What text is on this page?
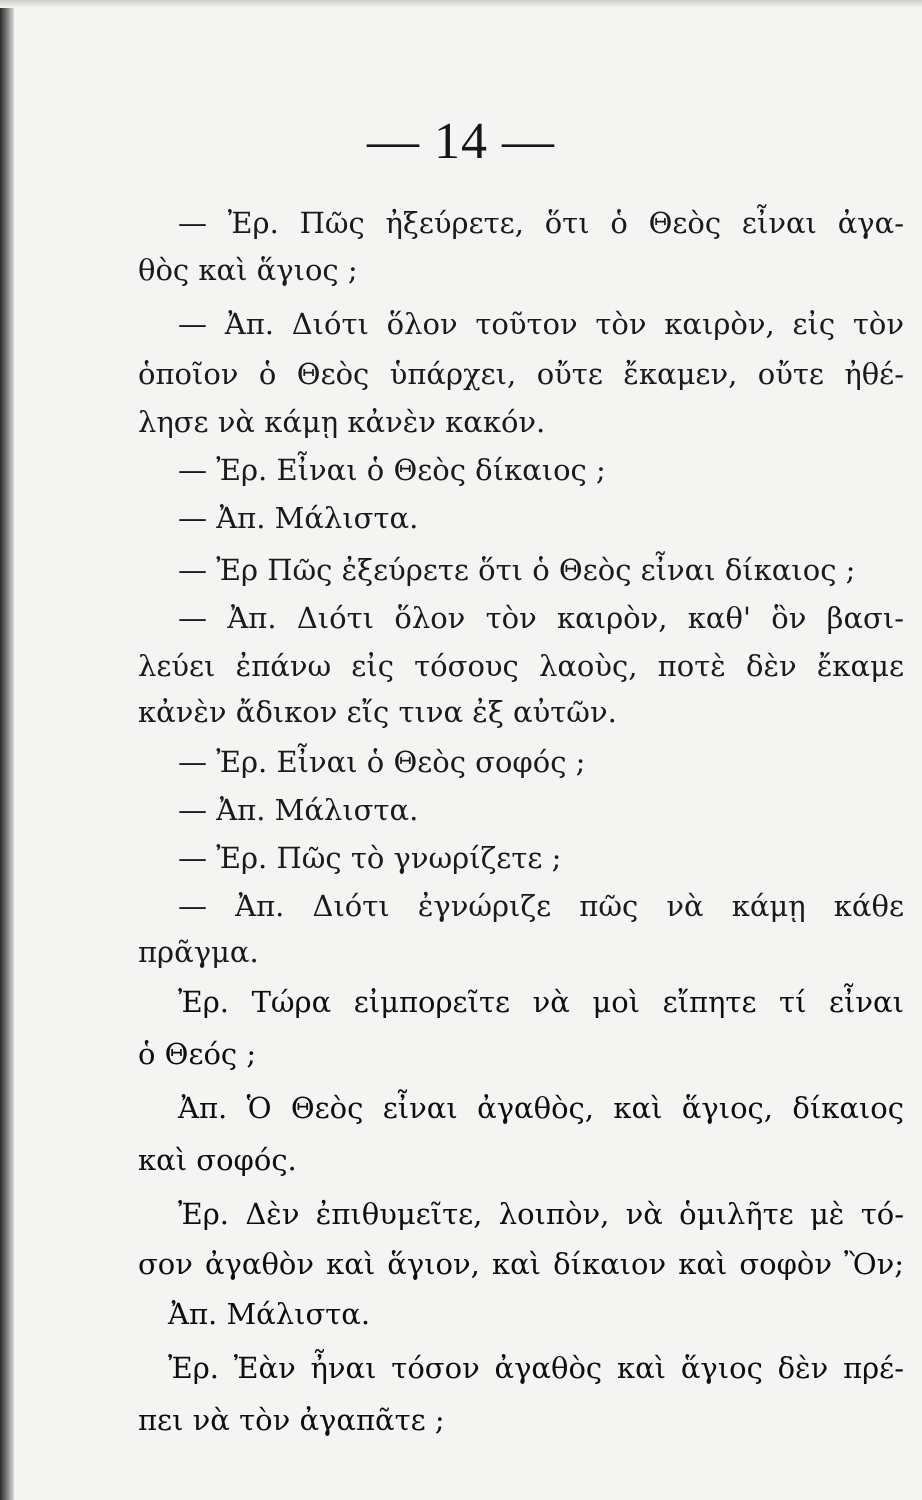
— 14 —
— Ἐρ. Πῶς ἠξεύρετε, ὅτι ὁ Θεὸς εἶναι ἀγα-
θὸς καὶ ἅγιος ;
— Ἀπ. Διότι ὅλον τοῦτον τὸν καιρὸν, εἰς τὸν
ὁποῖον ὁ Θεὸς ὑπάρχει, οὔτε ἔκαμεν, οὔτε ἠθέ-
λησε νὰ κάμῃ κἀνὲν κακόν.
— Ἐρ. Εἶναι ὁ Θεὸς δίκαιος ;
— Ἀπ. Μάλιστα.
— Ἐρ Πῶς ἐξεύρετε ὅτι ὁ Θεὸς εἶναι δίκαιος ;
— Ἀπ. Διότι ὅλον τὸν καιρὸν, καθ' ὃν βασι-
λεύει ἐπάνω εἰς τόσους λαοὺς, ποτὲ δὲν ἔκαμε
κἀνὲν ἄδικον εἴς τινα ἐξ αὐτῶν.
— Ἐρ. Εἶναι ὁ Θεὸς σοφός ;
— Ἀπ. Μάλιστα.
— Ἐρ. Πῶς τὸ γνωρίζετε ;
— Ἀπ. Διότι ἐγνώριζε πῶς νὰ κάμῃ κάθε
πρᾶγμα.
Ἐρ. Τώρα εἰμπορεῖτε νὰ μοὶ εἴπητε τί εἶναι
ὁ Θεός ;
Ἀπ. Ὁ Θεὸς εἶναι ἀγαθὸς, καὶ ἅγιος, δίκαιος
καὶ σοφός.
Ἐρ. Δὲν ἐπιθυμεῖτε, λοιπὸν, νὰ ὁμιλῆτε μὲ τό-
σον ἀγαθὸν καὶ ἅγιον, καὶ δίκαιον καὶ σοφὸν Ὂν;
Ἀπ. Μάλιστα.
Ἐρ. Ἐὰν ἦναι τόσον ἀγαθὸς καὶ ἅγιος δὲν πρέ-
πει νὰ τὸν ἀγαπᾶτε ;
